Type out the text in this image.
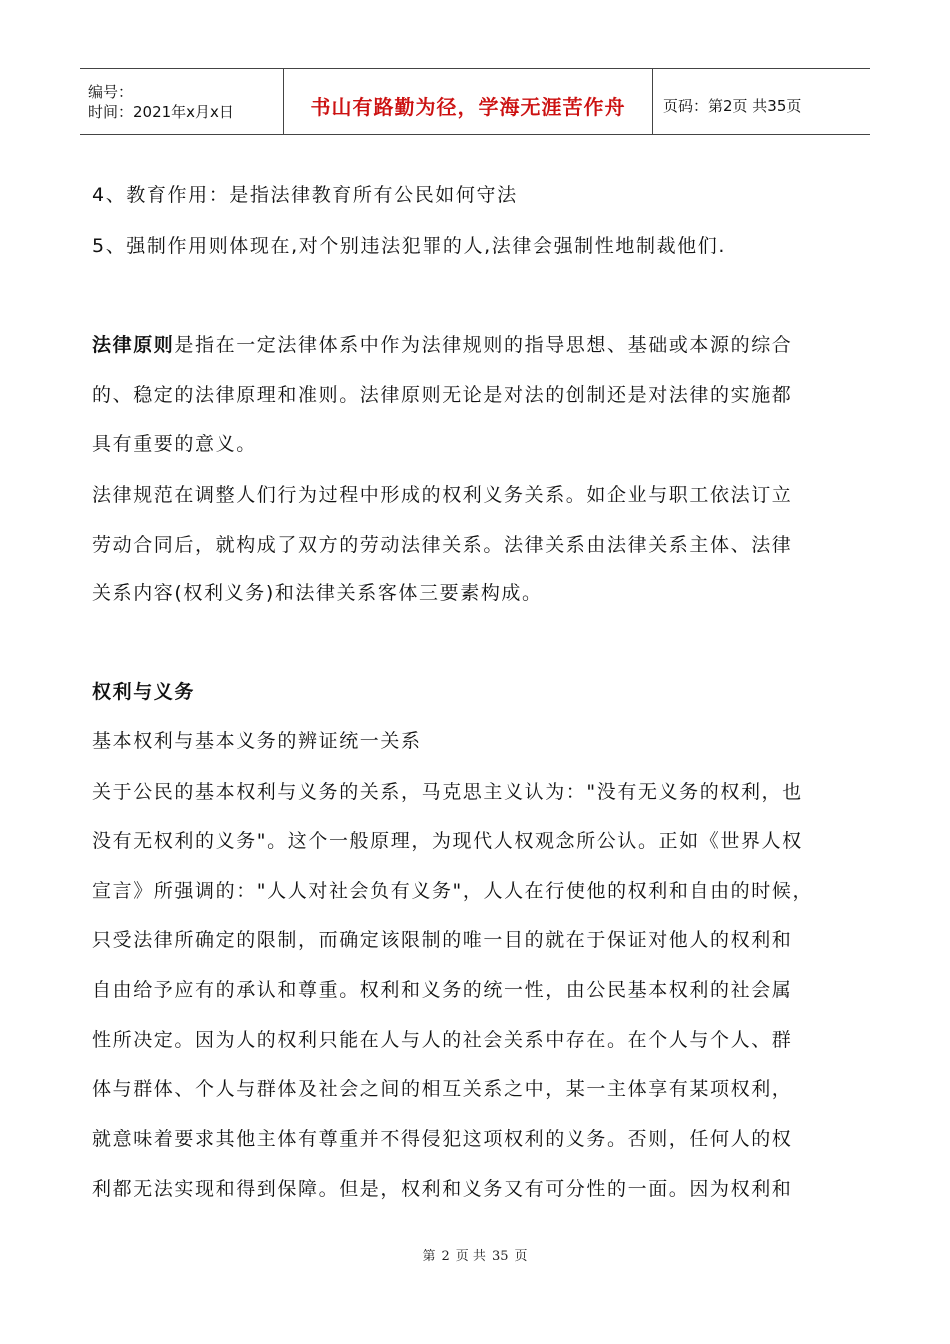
编号：
时间：2021年x月x日	书山有路勤为径，学海无涯苦作舟	页码：第2页 共35页
4、教育作用：是指法律教育所有公民如何守法
5、强制作用则体现在,对个别违法犯罪的人,法律会强制性地制裁他们.
法律原则是指在一定法律体系中作为法律规则的指导思想、基础或本源的综合
的、稳定的法律原理和准则。法律原则无论是对法的创制还是对法律的实施都
具有重要的意义。
法律规范在调整人们行为过程中形成的权利义务关系。如企业与职工依法订立
劳动合同后，就构成了双方的劳动法律关系。法律关系由法律关系主体、法律
关系内容(权利义务)和法律关系客体三要素构成。
权利与义务
基本权利与基本义务的辨证统一关系
关于公民的基本权利与义务的关系，马克思主义认为："没有无义务的权利，也
没有无权利的义务"。这个一般原理，为现代人权观念所公认。正如《世界人权
宣言》所强调的："人人对社会负有义务"，人人在行使他的权利和自由的时候，
只受法律所确定的限制，而确定该限制的唯一目的就在于保证对他人的权利和
自由给予应有的承认和尊重。权利和义务的统一性，由公民基本权利的社会属
性所决定。因为人的权利只能在人与人的社会关系中存在。在个人与个人、群
体与群体、个人与群体及社会之间的相互关系之中，某一主体享有某项权利，
就意味着要求其他主体有尊重并不得侵犯这项权利的义务。否则，任何人的权
利都无法实现和得到保障。但是，权利和义务又有可分性的一面。因为权利和
第 2 页 共 35 页
